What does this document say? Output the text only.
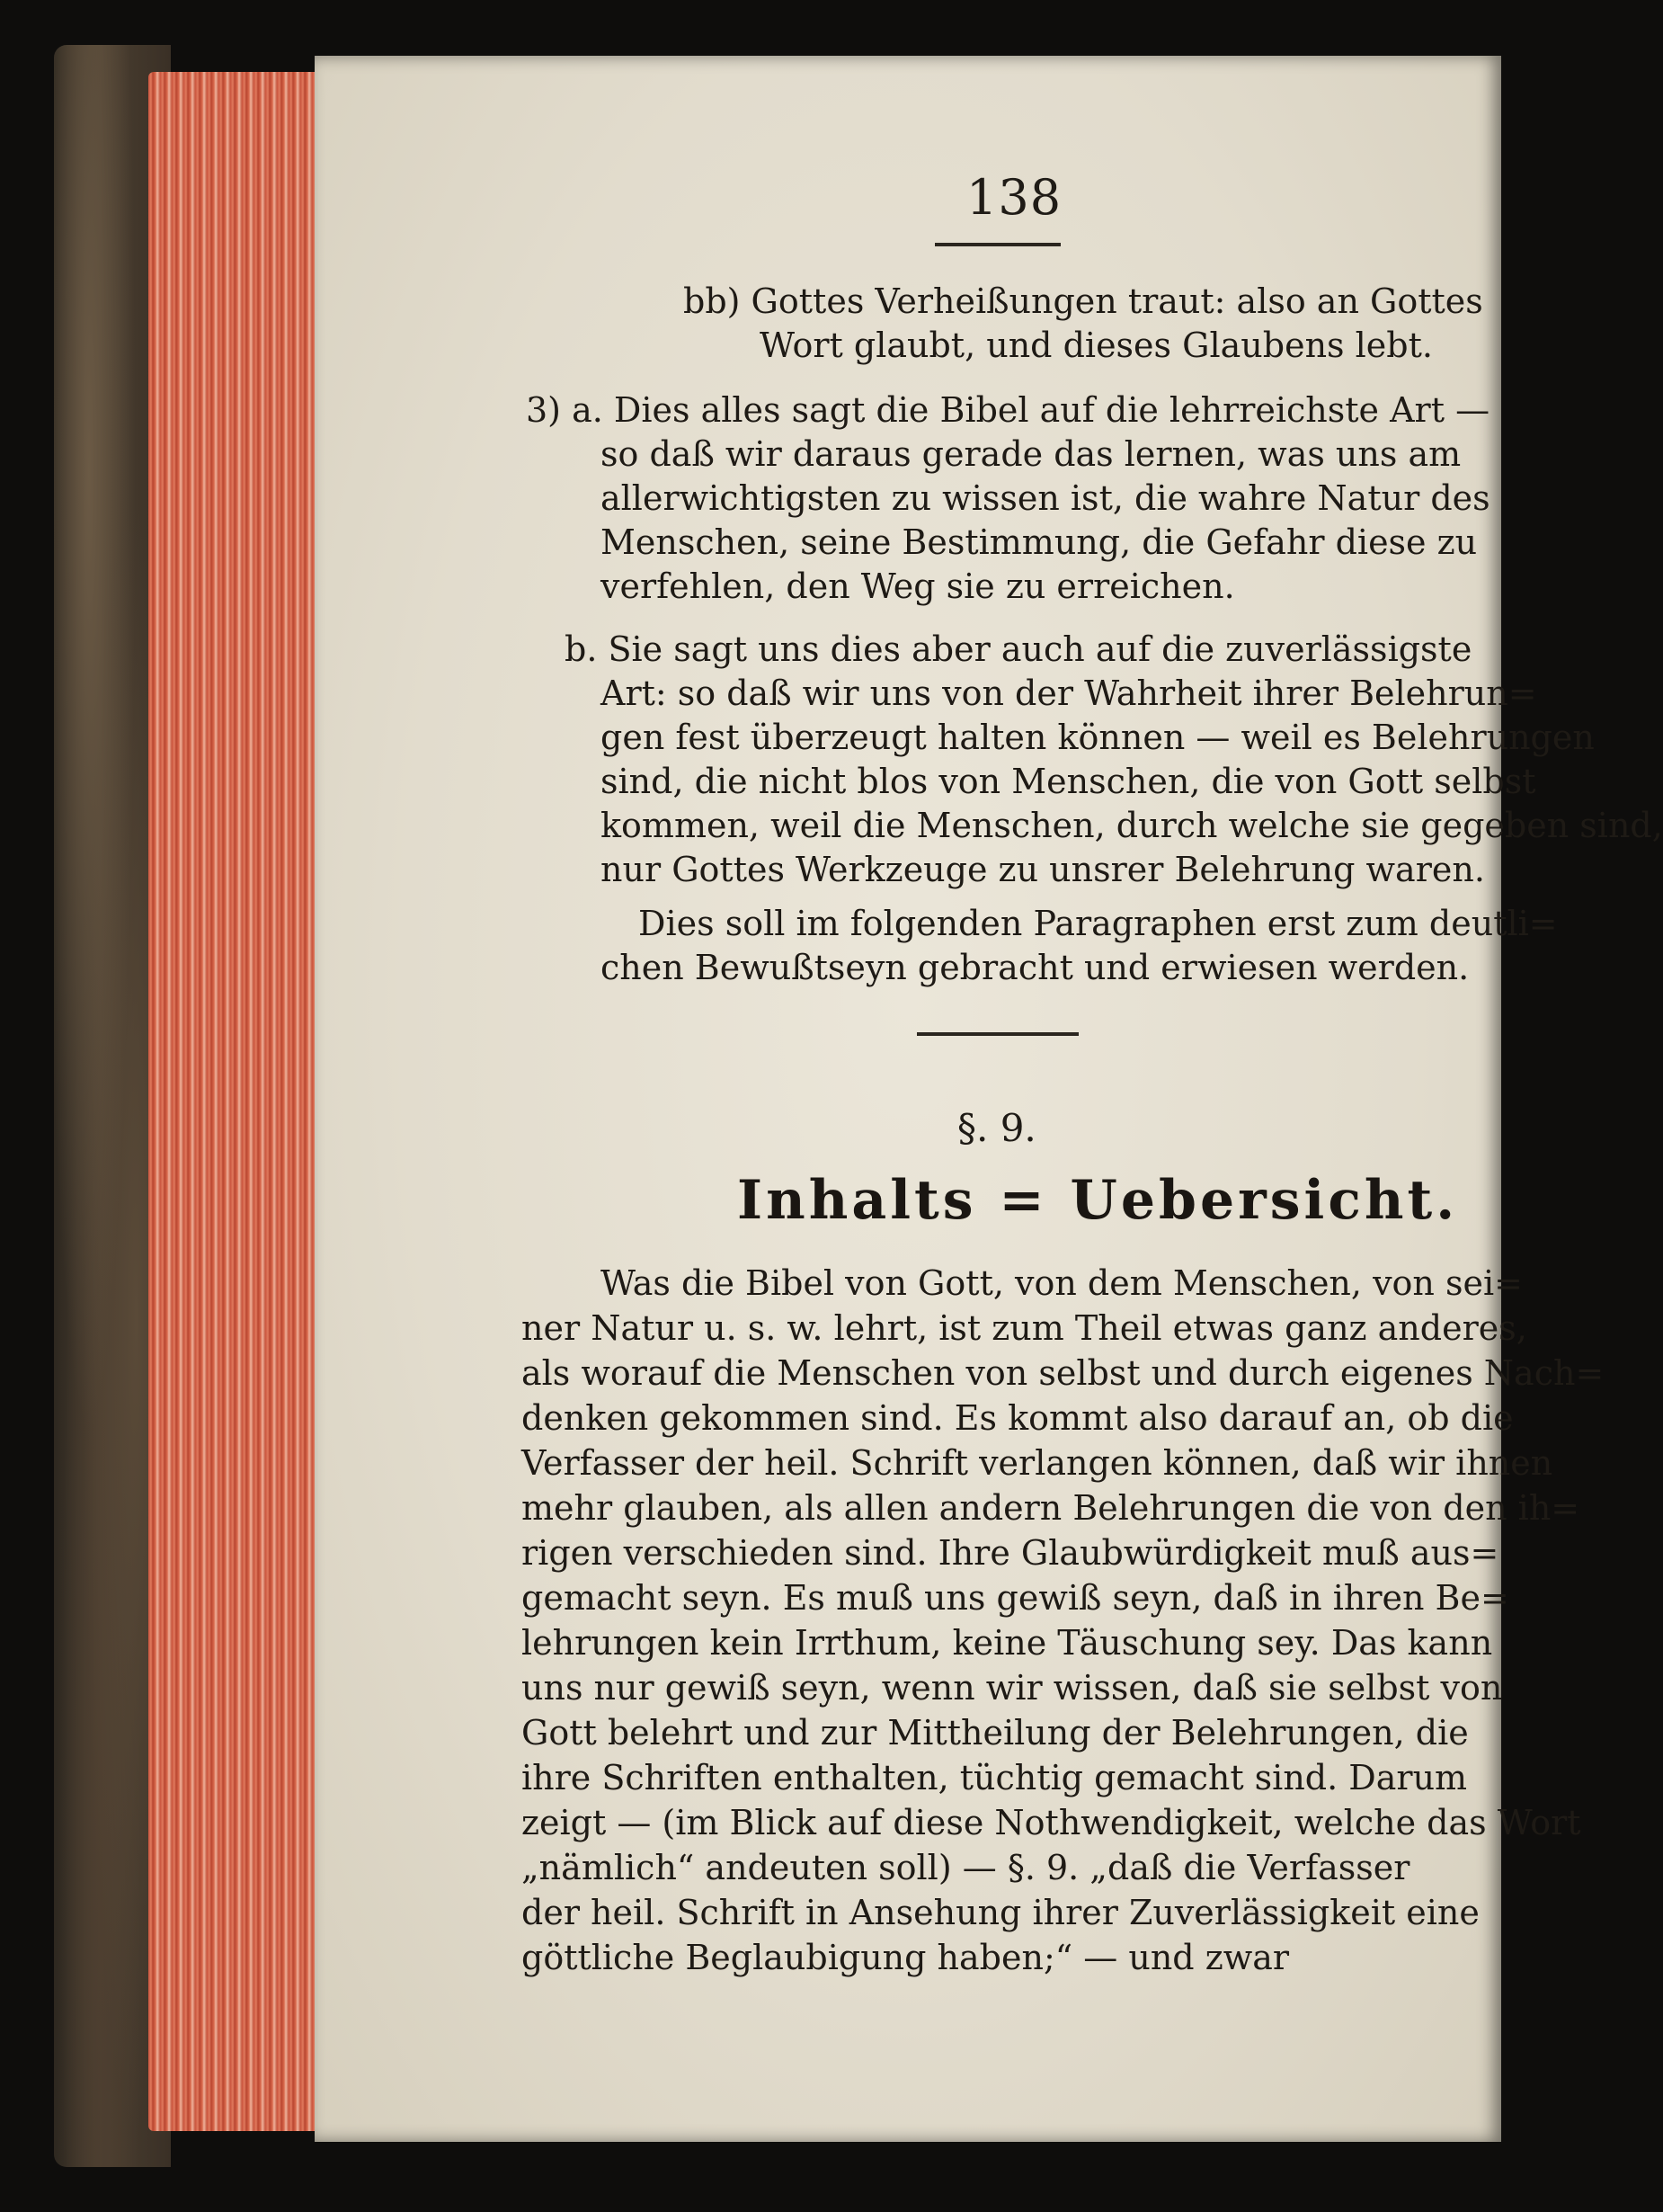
138
bb) Gottes Verheißungen traut: also an Gottes
Wort glaubt, und dieses Glaubens lebt.
3) a. Dies alles sagt die Bibel auf die lehrreichste Art —
so daß wir daraus gerade das lernen, was uns am
allerwichtigsten zu wissen ist, die wahre Natur des
Menschen, seine Bestimmung, die Gefahr diese zu
verfehlen, den Weg sie zu erreichen.
b. Sie sagt uns dies aber auch auf die zuverlässigste
Art: so daß wir uns von der Wahrheit ihrer Belehrun=
gen fest überzeugt halten können — weil es Belehrungen
sind, die nicht blos von Menschen, die von Gott selbst
kommen, weil die Menschen, durch welche sie gegeben sind,
nur Gottes Werkzeuge zu unsrer Belehrung waren.
Dies soll im folgenden Paragraphen erst zum deutli=
chen Bewußtseyn gebracht und erwiesen werden.
§. 9.
Inhalts = Uebersicht.
Was die Bibel von Gott, von dem Menschen, von sei=
ner Natur u. s. w. lehrt, ist zum Theil etwas ganz anderes,
als worauf die Menschen von selbst und durch eigenes Nach=
denken gekommen sind. Es kommt also darauf an, ob die
Verfasser der heil. Schrift verlangen können, daß wir ihnen
mehr glauben, als allen andern Belehrungen die von den ih=
rigen verschieden sind. Ihre Glaubwürdigkeit muß aus=
gemacht seyn. Es muß uns gewiß seyn, daß in ihren Be=
lehrungen kein Irrthum, keine Täuschung sey. Das kann
uns nur gewiß seyn, wenn wir wissen, daß sie selbst von
Gott belehrt und zur Mittheilung der Belehrungen, die
ihre Schriften enthalten, tüchtig gemacht sind. Darum
zeigt — (im Blick auf diese Nothwendigkeit, welche das Wort
„nämlich“ andeuten soll) — §. 9. „daß die Verfasser
der heil. Schrift in Ansehung ihrer Zuverlässigkeit eine
göttliche Beglaubigung haben;“ — und zwar
